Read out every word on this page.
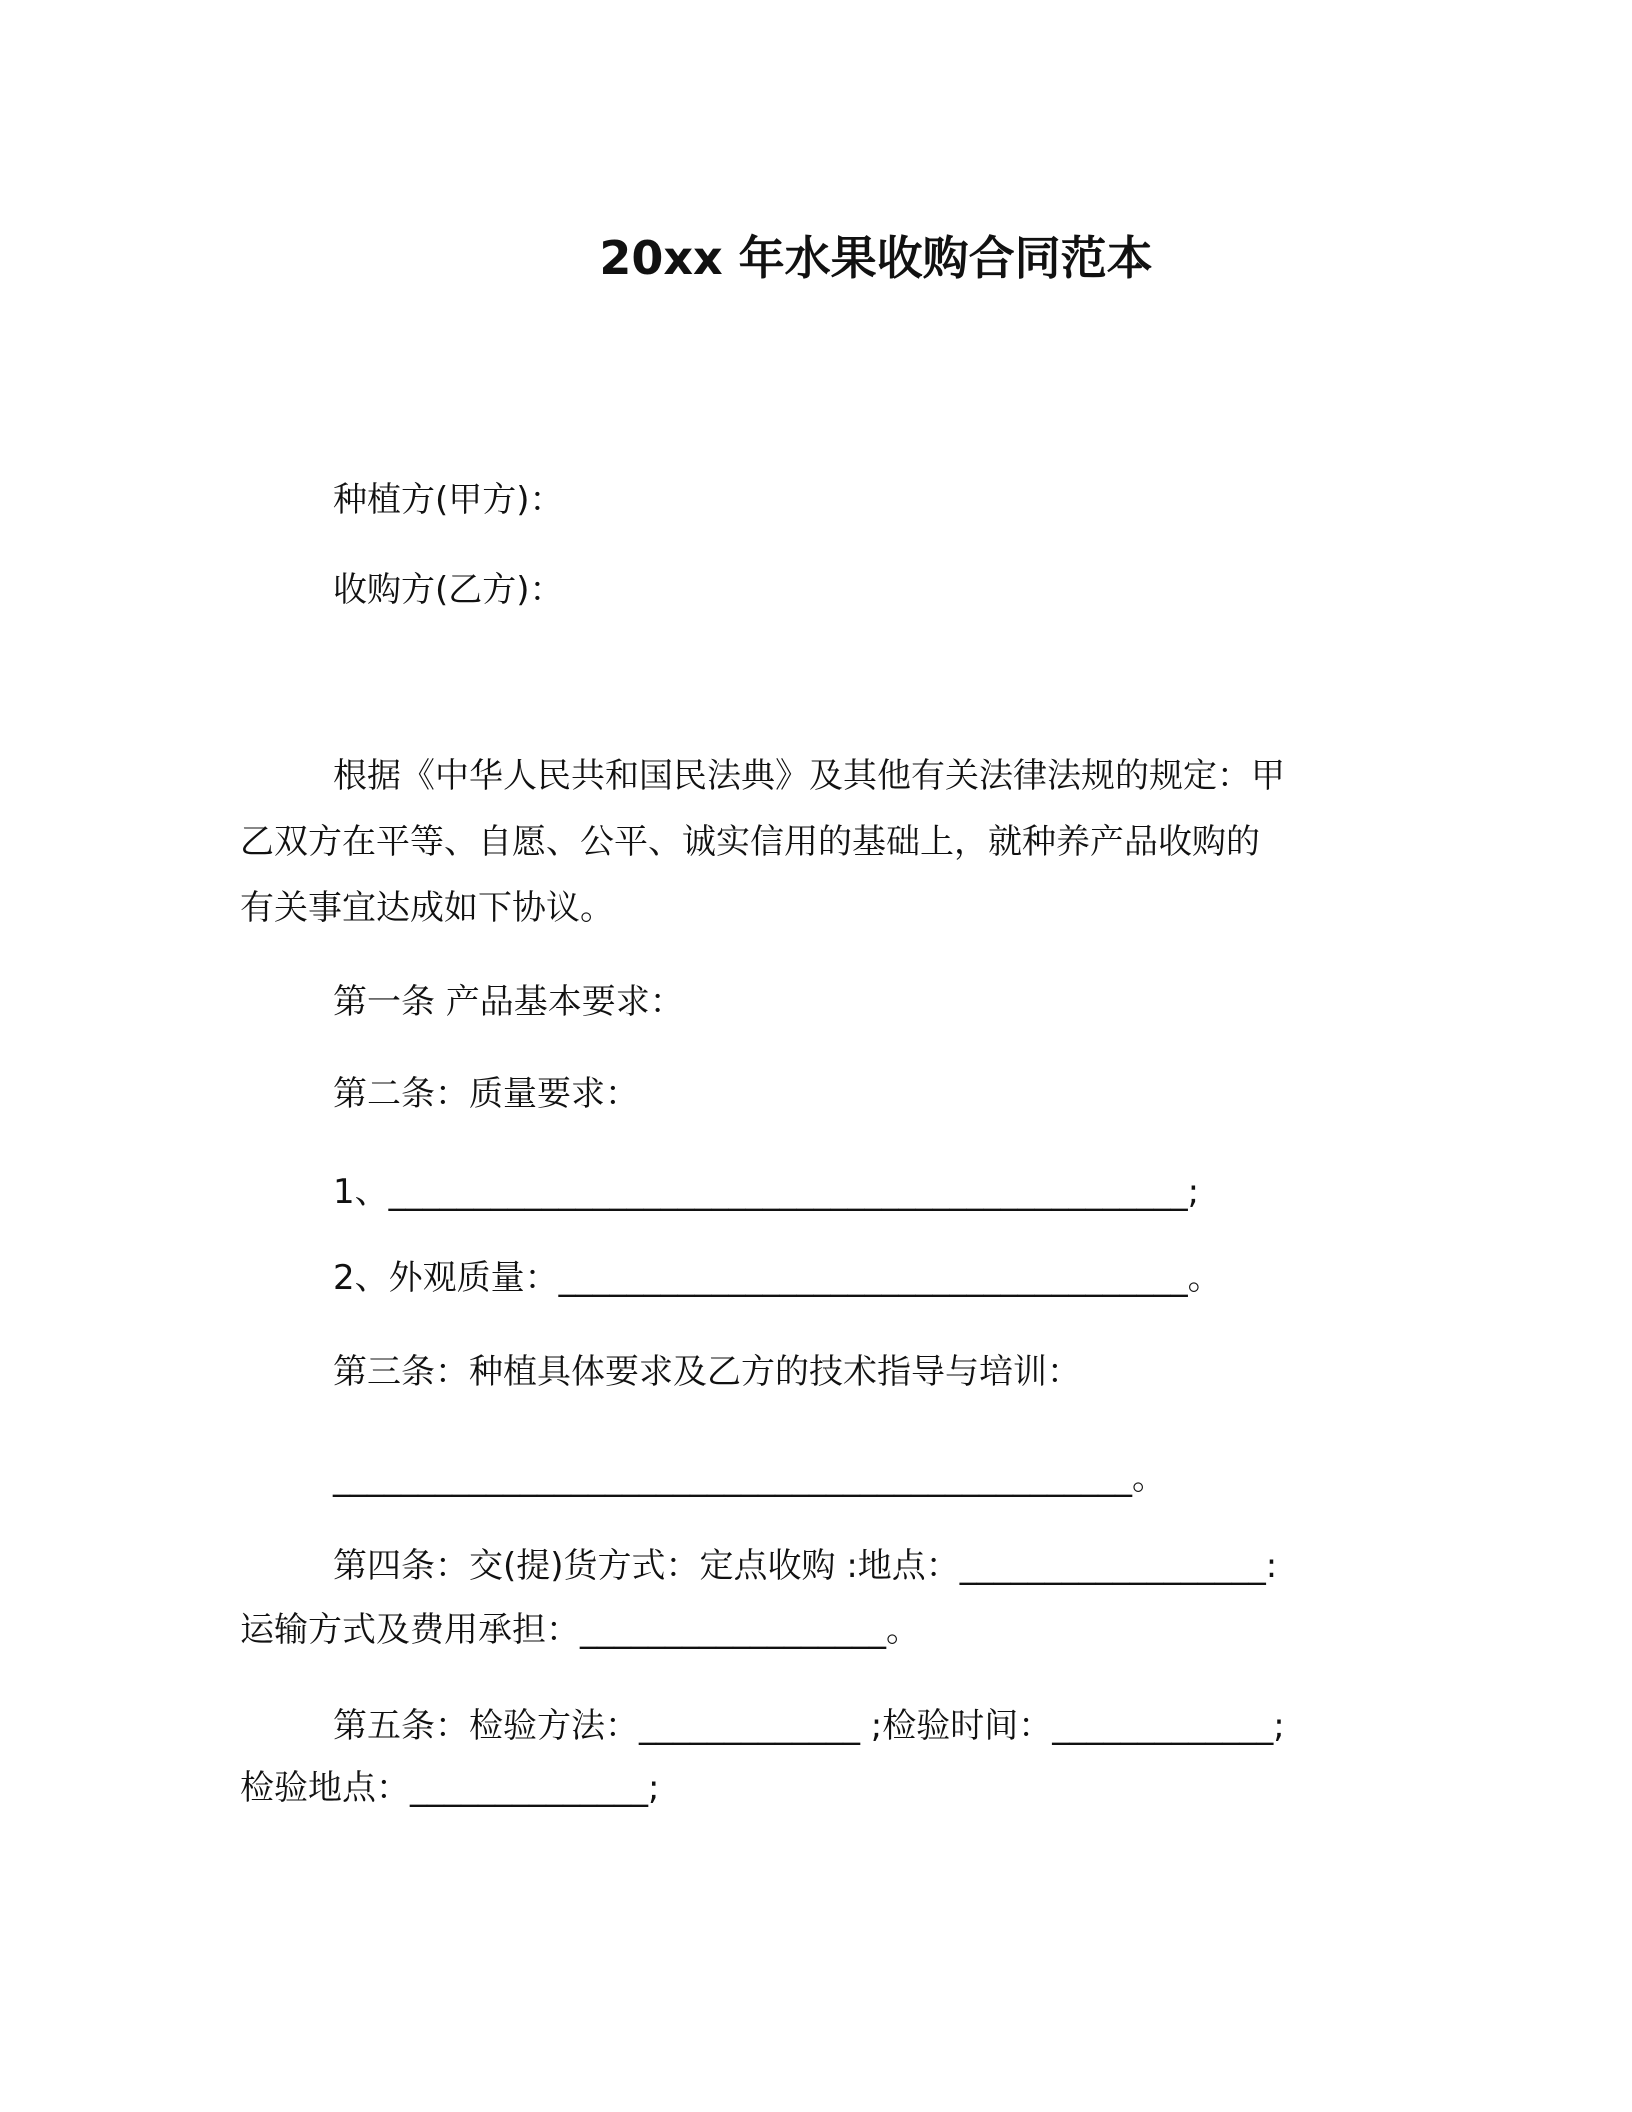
20xx 年水果收购合同范本
种植方(甲方)：
收购方(乙方)：
根据《中华人民共和国民法典》及其他有关法律法规的规定：甲
乙双方在平等、自愿、公平、诚实信用的基础上，就种养产品收购的
有关事宜达成如下协议。
第一条 产品基本要求：
第二条：质量要求：
1、_______________________________________________;
2、外观质量：_____________________________________。
第三条：种植具体要求及乙方的技术指导与培训：
_______________________________________________。
第四条：交(提)货方式：定点收购 :地点：__________________:
运输方式及费用承担：__________________。
第五条：检验方法：_____________ ;检验时间：_____________;
检验地点：______________;
